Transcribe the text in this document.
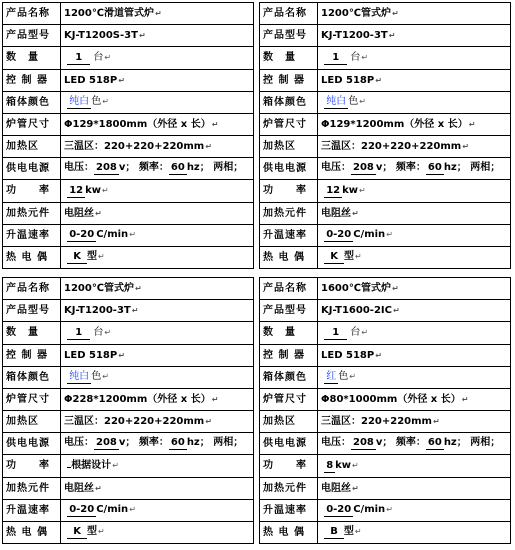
产品名称	1200℃滑道管式炉↵
产品型号	KJ-T1200S-3T↵
数　量	1 台↵
控 制 器	LED 518P↵
箱体颜色	纯白 色↵
炉管尺寸	Φ129*1800mm（外径 x 长）↵
加热区	三温区：220+220+220mm↵
供电电源	电压： 208 v； 频率： 60 hz； 两相；
功　　率	12 kw↵
加热元件	电阻丝↵
升温速率	0-20 C/min↵
热 电 偶	K 型↵
产品名称	1200℃管式炉↵
产品型号	KJ-T1200-3T↵
数　量	1 台↵
控 制 器	LED 518P↵
箱体颜色	纯白 色↵
炉管尺寸	Φ129*1200mm（外径 x 长）↵
加热区	三温区：220+220+220mm↵
供电电源	电压： 208 v； 频率： 60 hz； 两相；
功　　率	12 kw↵
加热元件	电阻丝↵
升温速率	0-20 C/min↵
热 电 偶	K 型↵
产品名称	1200℃管式炉↵
产品型号	KJ-T1200-3T↵
数　量	1 台↵
控 制 器	LED 518P↵
箱体颜色	纯白 色↵
炉管尺寸	Φ228*1200mm（外径 x 长）↵
加热区	三温区：220+220+220mm↵
供电电源	电压： 208 v； 频率： 60 hz； 两相；
功　　率	根据设计↵
加热元件	电阻丝↵
升温速率	0-20 C/min↵
热 电 偶	K 型↵
产品名称	1600℃管式炉↵
产品型号	KJ-T1600-2IC↵
数　量	1 台↵
控 制 器	LED 518P↵
箱体颜色	红 色↵
炉管尺寸	Φ80*1000mm（外径 x 长）↵
加热区	三温区：220+220mm↵
供电电源	电压： 208 v； 频率： 60 hz； 两相；
功　　率	8 kw↵
加热元件	电阻丝↵
升温速率	0-20 C/min↵
热 电 偶	B 型↵
